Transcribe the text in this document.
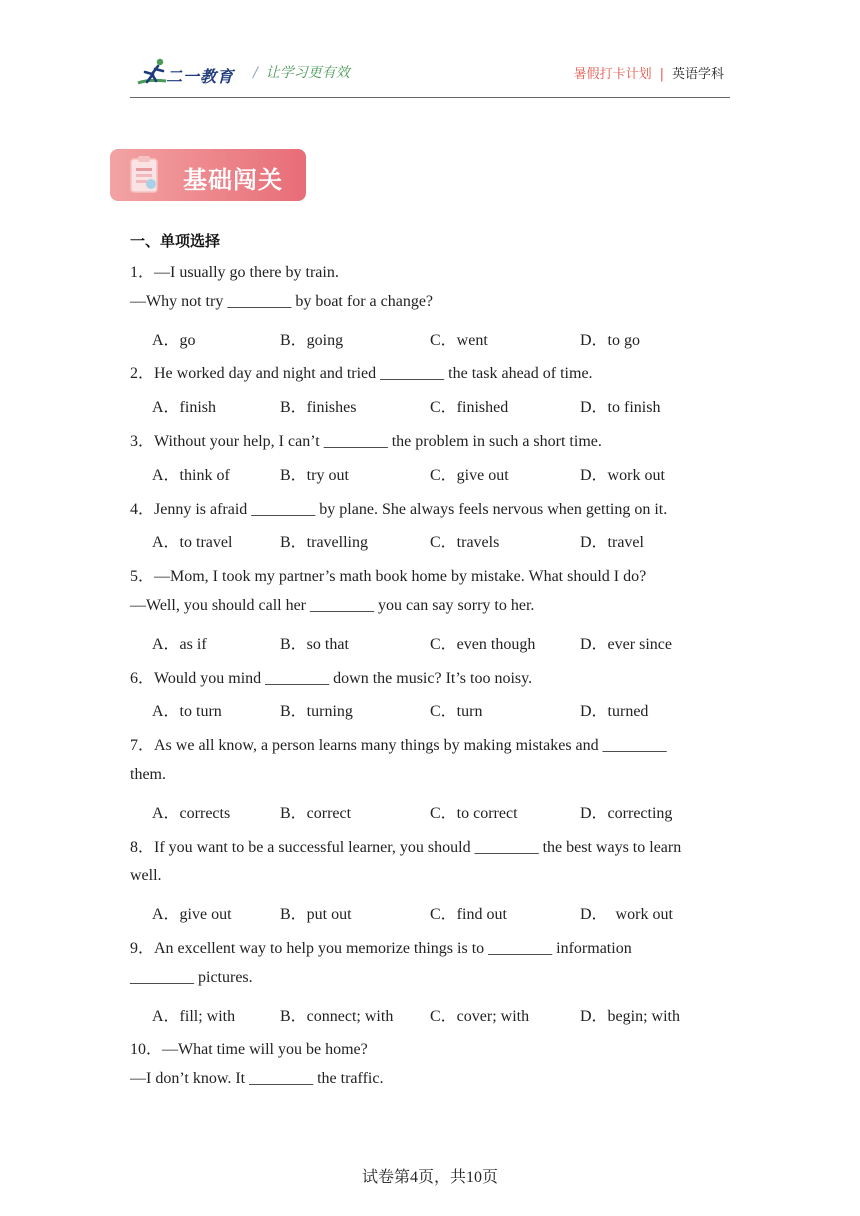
二一教育 / 让学习更有效	暑假打卡计划 | 英语学科
基础闯关
一、单项选择
1．—I usually go there by train.
—Why not try ________ by boat for a change?
A．go	B．going	C．went	D．to go
2．He worked day and night and tried ________ the task ahead of time.
A．finish	B．finishes	C．finished	D．to finish
3．Without your help, I can’t ________ the problem in such a short time.
A．think of	B．try out	C．give out	D．work out
4．Jenny is afraid ________ by plane. She always feels nervous when getting on it.
A．to travel	B．travelling	C．travels	D．travel
5．—Mom, I took my partner’s math book home by mistake. What should I do?
—Well, you should call her ________ you can say sorry to her.
A．as if	B．so that	C．even though	D．ever since
6．Would you mind ________ down the music? It’s too noisy.
A．to turn	B．turning	C．turn	D．turned
7．As we all know, a person learns many things by making mistakes and ________
them.
A．corrects	B．correct	C．to correct	D．correcting
8．If you want to be a successful learner, you should ________ the best ways to learn
well.
A．give out	B．put out	C．find out	D．　work out
9．An excellent way to help you memorize things is to ________ information
________ pictures.
A．fill; with	B．connect; with C．cover; with	D．begin; with
10．—What time will you be home?
—I don’t know. It ________ the traffic.
试卷第4页，共10页
